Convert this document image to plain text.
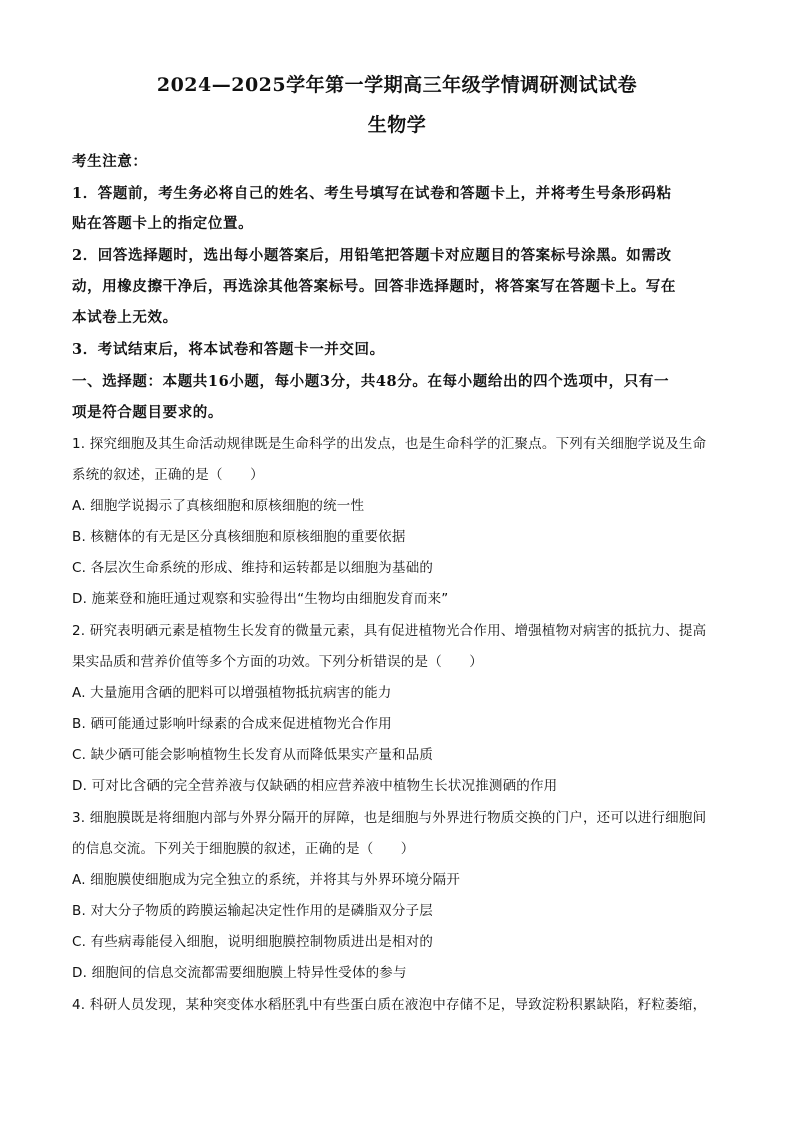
2024—2025学年第一学期高三年级学情调研测试试卷
生物学
考生注意：
1．答题前，考生务必将自己的姓名、考生号填写在试卷和答题卡上，并将考生号条形码粘
贴在答题卡上的指定位置。
2．回答选择题时，选出每小题答案后，用铅笔把答题卡对应题目的答案标号涂黑。如需改
动，用橡皮擦干净后，再选涂其他答案标号。回答非选择题时，将答案写在答题卡上。写在
本试卷上无效。
3．考试结束后，将本试卷和答题卡一并交回。
一、选择题：本题共16小题，每小题3分，共48分。在每小题给出的四个选项中，只有一
项是符合题目要求的。
1. 探究细胞及其生命活动规律既是生命科学的出发点，也是生命科学的汇聚点。下列有关细胞学说及生命
系统的叙述，正确的是（　　）
A. 细胞学说揭示了真核细胞和原核细胞的统一性
B. 核糖体的有无是区分真核细胞和原核细胞的重要依据
C. 各层次生命系统的形成、维持和运转都是以细胞为基础的
D. 施莱登和施旺通过观察和实验得出“生物均由细胞发育而来”
2. 研究表明硒元素是植物生长发育的微量元素，具有促进植物光合作用、增强植物对病害的抵抗力、提高
果实品质和营养价值等多个方面的功效。下列分析错误的是（　　）
A. 大量施用含硒的肥料可以增强植物抵抗病害的能力
B. 硒可能通过影响叶绿素的合成来促进植物光合作用
C. 缺少硒可能会影响植物生长发育从而降低果实产量和品质
D. 可对比含硒的完全营养液与仅缺硒的相应营养液中植物生长状况推测硒的作用
3. 细胞膜既是将细胞内部与外界分隔开的屏障，也是细胞与外界进行物质交换的门户，还可以进行细胞间
的信息交流。下列关于细胞膜的叙述，正确的是（　　）
A. 细胞膜使细胞成为完全独立的系统，并将其与外界环境分隔开
B. 对大分子物质的跨膜运输起决定性作用的是磷脂双分子层
C. 有些病毒能侵入细胞，说明细胞膜控制物质进出是相对的
D. 细胞间的信息交流都需要细胞膜上特异性受体的参与
4. 科研人员发现，某种突变体水稻胚乳中有些蛋白质在液泡中存储不足，导致淀粉积累缺陷，籽粒萎缩，
